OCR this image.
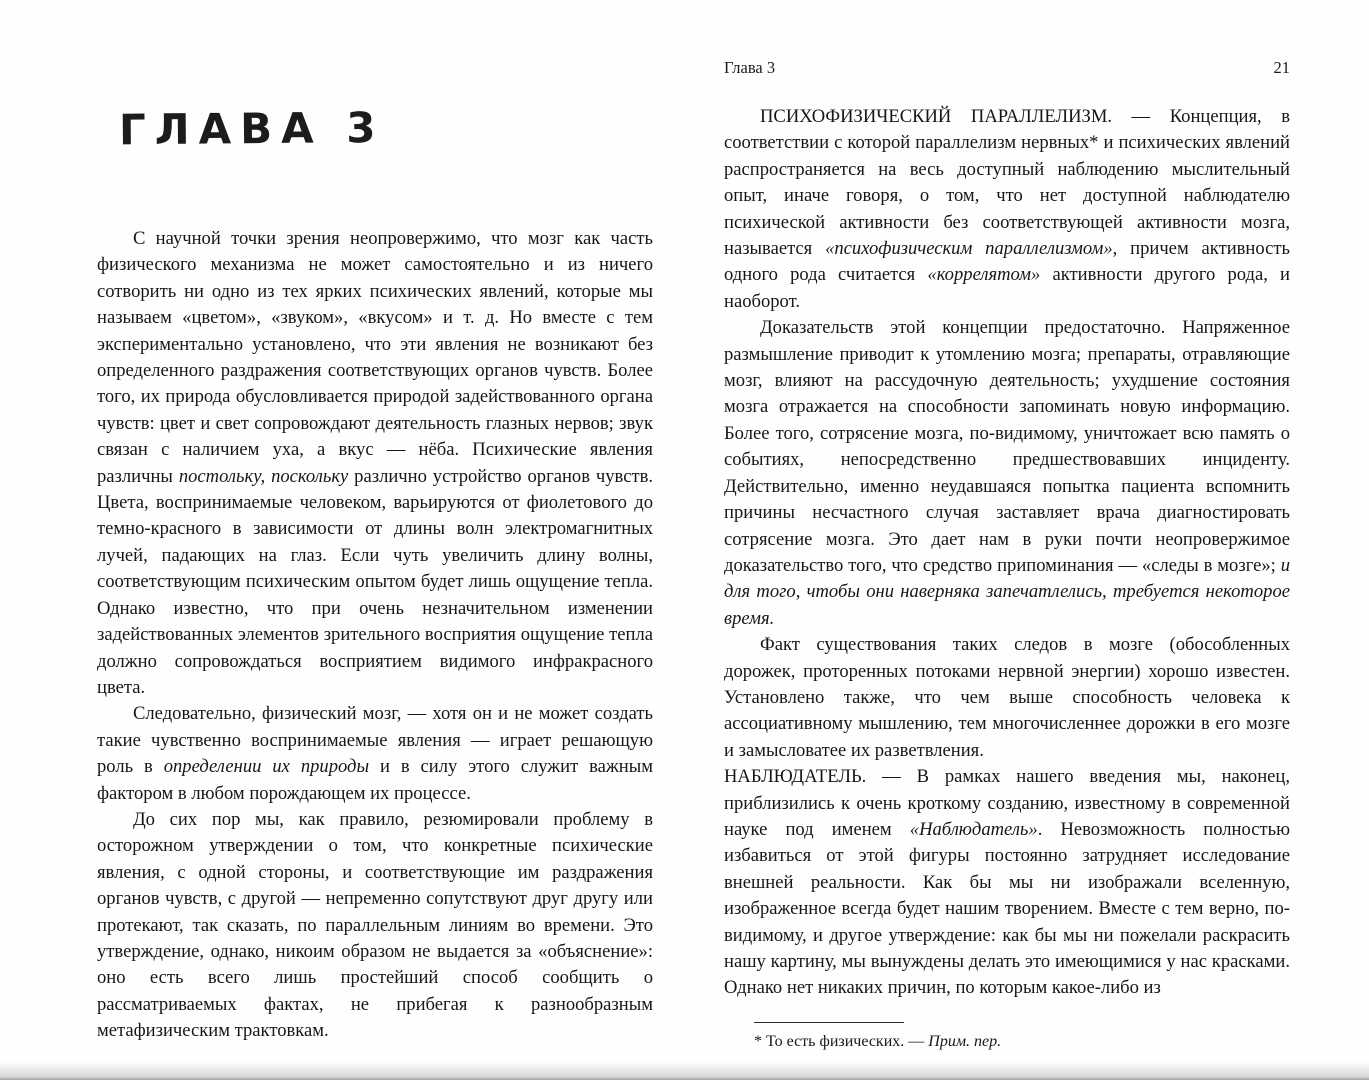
ГЛАВА 3

С научной точки зрения неопровержимо, что мозг как часть физического механизма не может самостоятельно и из ничего сотворить ни одно из тех ярких психических явлений, которые мы называем «цветом», «звуком», «вкусом» и т. д. Но вместе с тем экспериментально установлено, что эти явления не возникают без определенного раздражения соответствующих органов чувств. Более того, их природа обусловливается природой задействованного органа чувств: цвет и свет сопровождают деятельность глазных нервов; звук связан с наличием уха, а вкус — нёба. Психические явления различны постольку, поскольку различно устройство органов чувств. Цвета, воспринимаемые человеком, варьируются от фиолетового до темно-красного в зависимости от длины волн электромагнитных лучей, падающих на глаз. Если чуть увеличить длину волны, соответствующим психическим опытом будет лишь ощущение тепла. Однако известно, что при очень незначительном изменении задействованных элементов зрительного восприятия ощущение тепла должно сопровождаться восприятием видимого инфракрасного цвета.

Следовательно, физический мозг, — хотя он и не может создать такие чувственно воспринимаемые явления — играет решающую роль в определении их природы и в силу этого служит важным фактором в любом порождающем их процессе.

До сих пор мы, как правило, резюмировали проблему в осторожном утверждении о том, что конкретные психические явления, с одной стороны, и соответствующие им раздражения органов чувств, с другой — непременно сопутствуют друг другу или протекают, так сказать, по параллельным линиям во времени. Это утверждение, однако, никоим образом не выдается за «объяснение»: оно есть всего лишь простейший способ сообщить о рассматриваемых фактах, не прибегая к разнообразным метафизическим трактовкам.

Глава 3	21

ПСИХОФИЗИЧЕСКИЙ ПАРАЛЛЕЛИЗМ. — Концепция, в соответствии с которой параллелизм нервных* и психических явлений распространяется на весь доступный наблюдению мыслительный опыт, иначе говоря, о том, что нет доступной наблюдателю психической активности без соответствующей активности мозга, называется «психофизическим параллелизмом», причем активность одного рода считается «коррелятом» активности другого рода, и наоборот.

Доказательств этой концепции предостаточно. Напряженное размышление приводит к утомлению мозга; препараты, отравляющие мозг, влияют на рассудочную деятельность; ухудшение состояния мозга отражается на способности запоминать новую информацию. Более того, сотрясение мозга, по-видимому, уничтожает всю память о событиях, непосредственно предшествовавших инциденту. Действительно, именно неудавшаяся попытка пациента вспомнить причины несчастного случая заставляет врача диагностировать сотрясение мозга. Это дает нам в руки почти неопровержимое доказательство того, что средство припоминания — «следы в мозге»; и для того, чтобы они наверняка запечатлелись, требуется некоторое время.

Факт существования таких следов в мозге (обособленных дорожек, проторенных потоками нервной энергии) хорошо известен. Установлено также, что чем выше способность человека к ассоциативному мышлению, тем многочисленнее дорожки в его мозге и замысловатее их разветвления.

НАБЛЮДАТЕЛЬ. — В рамках нашего введения мы, наконец, приблизились к очень кроткому созданию, известному в современной науке под именем «Наблюдатель». Невозможность полностью избавиться от этой фигуры постоянно затрудняет исследование внешней реальности. Как бы мы ни изображали вселенную, изображенное всегда будет нашим творением. Вместе с тем верно, по-видимому, и другое утверждение: как бы мы ни пожелали раскрасить нашу картину, мы вынуждены делать это имеющимися у нас красками. Однако нет никаких причин, по которым какое-либо из

* То есть физических. — Прим. пер.
